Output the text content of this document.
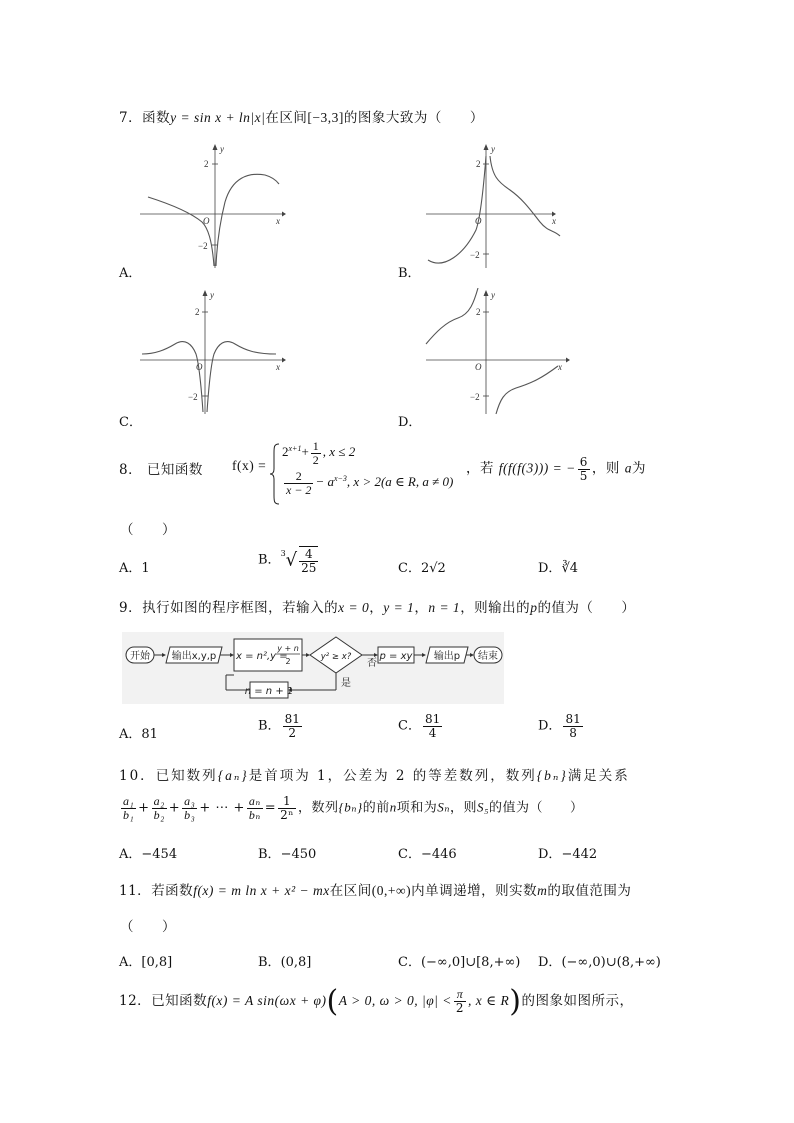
7．函数y = sin x + ln|x|在区间[−3,3]的图象大致为（　　）
y
x
O
2
−2
A．
y
x
O
2
−2
B．
y
x
O
2
−2
C．
y
x
O
2
−2
D．
8． 已知函数 f(x) =
$2^{x+1}+ \frac{1}{2}$ , x ≤ 2
$\frac{2}{x - 2} - a^{x-3}$, x > 2(a ∈ R, a ≠ 0)
，若 f(f(f(3))) = − $\frac{6}{5}$ ，则 a为
（　　）
A．1
B．$^3√ \frac{4}{25}$	C．2√2	D．∛4
9．执行如图的程序框图，若输入的x = 0，y = 1，n = 1，则输出的p的值为（　　）
开始 输出x,y,p x = n²,y =
y + n
2	y² ≥ x?
否
p = xy 输出p 结束
是
n = n + 1
A．81
B． $\frac{81}{2}$	C． $\frac{81}{4}$	D． $\frac{81}{8}$
10．已知数列{aₙ}是首项为 1，公差为 2 的等差数列，数列{bₙ}满足关系
$\frac{\text{a₁}}{\text{b₁}} + \frac{\text{a₂}}{\text{b₂}} + \frac{\text{a₃}}{\text{b₃}}$ + ⋯ + $\frac{\text{aₙ}}{\text{bₙ}} = \frac{1}{\text{2ⁿ}}$ ，数列{bₙ}的前n项和为Sₙ，则S₅的值为（　　）
A．−454	B．−450	C．−446	D．−442
11．若函数f(x) = m ln x + x² − mx在区间(0,+∞)内单调递增，则实数m的取值范围为
（　　）
A．[0,8]	B．(0,8]	C．(−∞,0]∪[8,+∞) D．(−∞,0)∪(8,+∞)
12．已知函数f(x) = A sin(ωx + φ)(A > 0, ω > 0, $|\varphi| < \frac{\pi}{2}$ , x ∈ R)的图象如图所示，
